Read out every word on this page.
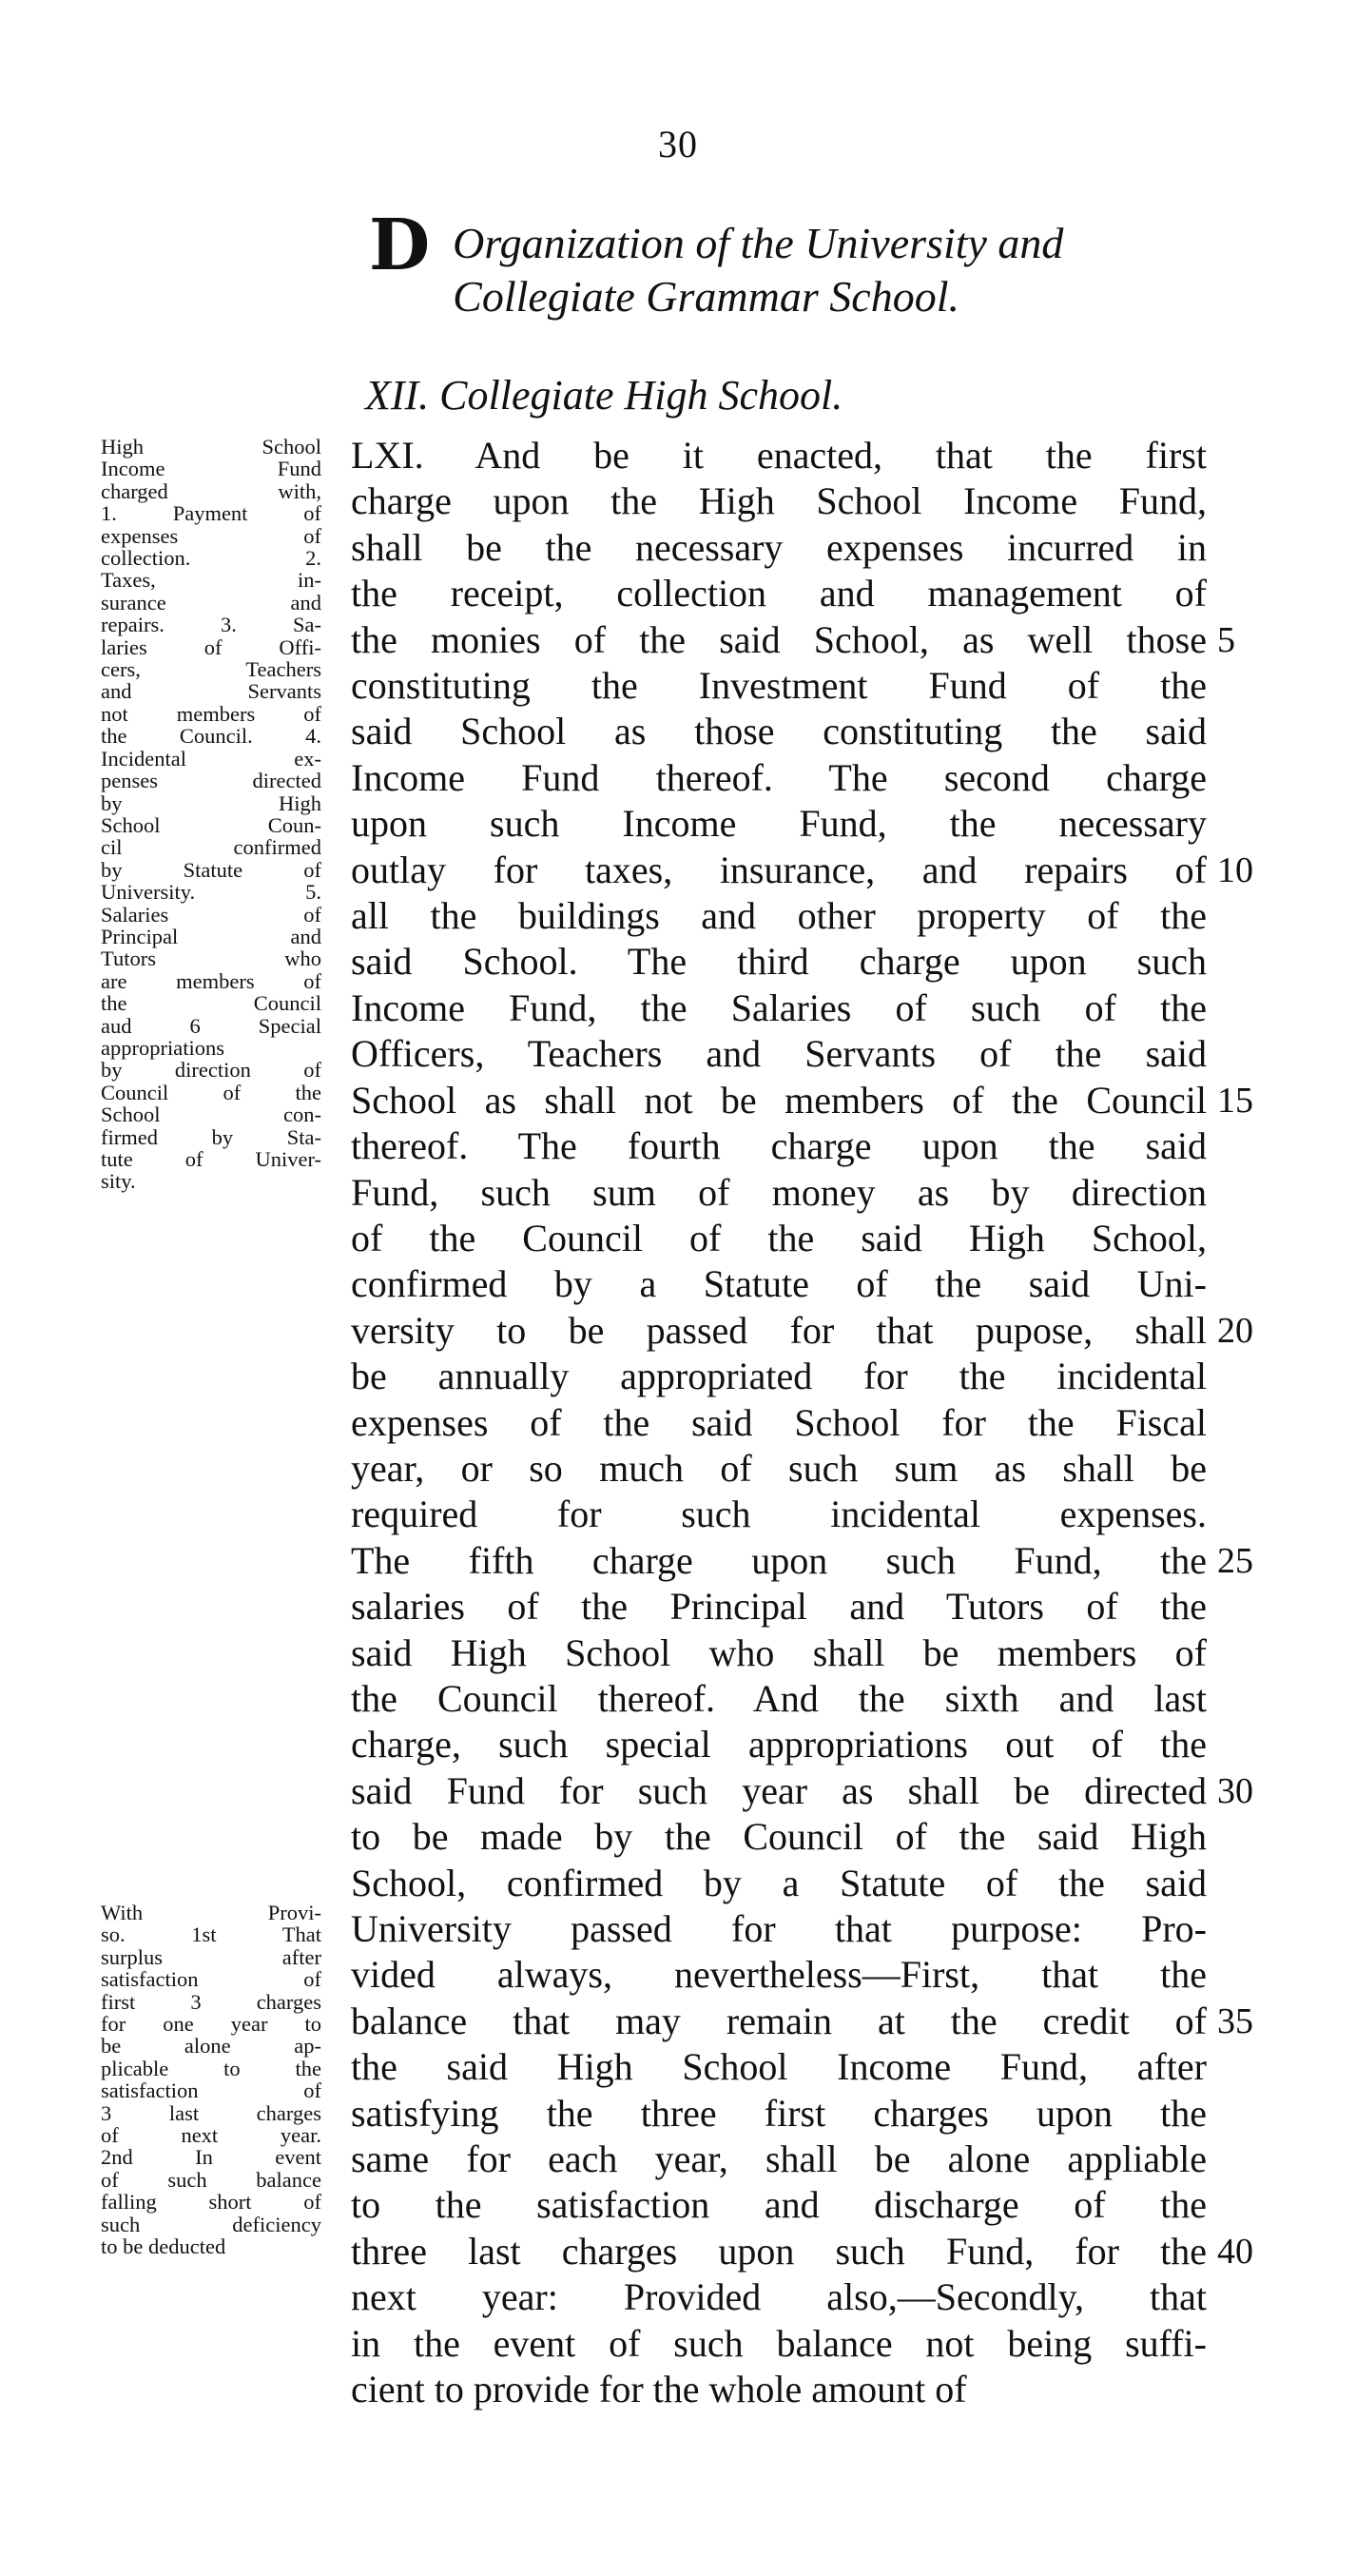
30
D Organization of the University and Collegiate Grammar School.
XII. Collegiate High School.
High School
Income Fund
charged with,
1. Payment of
expenses of
collection. 2.
Taxes, in-
surance and
repairs. 3. Sa-
laries of Offi-
cers, Teachers
and Servants
not members of
the Council. 4.
Incidental ex-
penses directed
by High
School Coun-
cil confirmed
by Statute of
University. 5.
Salaries of
Principal and
Tutors who
are members of
the Council
aud 6 Special
appropriations
by direction of
Council of the
School con-
firmed by Sta-
tute of Univer-
sity.
With Provi-
so. 1st That
surplus after
satisfaction of
first 3 charges
for one year to
be alone ap-
plicable to the
satisfaction of
3 last charges
of next year.
2nd In event
of such balance
falling short of
such deficiency
to be deducted
LXI. And be it enacted, that the first
charge upon the High School Income Fund,
shall be the necessary expenses incurred in
the receipt, collection and management of
the monies of the said School, as well those
constituting the Investment Fund of the
said School as those constituting the said
Income Fund thereof. The second charge
upon such Income Fund, the necessary
outlay for taxes, insurance, and repairs of
all the buildings and other property of the
said School. The third charge upon such
Income Fund, the Salaries of such of the
Officers, Teachers and Servants of the said
School as shall not be members of the Council
thereof. The fourth charge upon the said
Fund, such sum of money as by direction
of the Council of the said High School,
confirmed by a Statute of the said Uni-
versity to be passed for that pupose, shall
be annually appropriated for the incidental
expenses of the said School for the Fiscal
year, or so much of such sum as shall be
required for such incidental expenses.
The fifth charge upon such Fund, the
salaries of the Principal and Tutors of the
said High School who shall be members of
the Council thereof. And the sixth and last
charge, such special appropriations out of the
said Fund for such year as shall be directed
to be made by the Council of the said High
School, confirmed by a Statute of the said
University passed for that purpose: Pro-
vided always, nevertheless—First, that the
balance that may remain at the credit of
the said High School Income Fund, after
satisfying the three first charges upon the
same for each year, shall be alone appliable
to the satisfaction and discharge of the
three last charges upon such Fund, for the
next year: Provided also,—Secondly, that
in the event of such balance not being suffi-
cient to provide for the whole amount of
5
10
15
20
25
30
35
40
